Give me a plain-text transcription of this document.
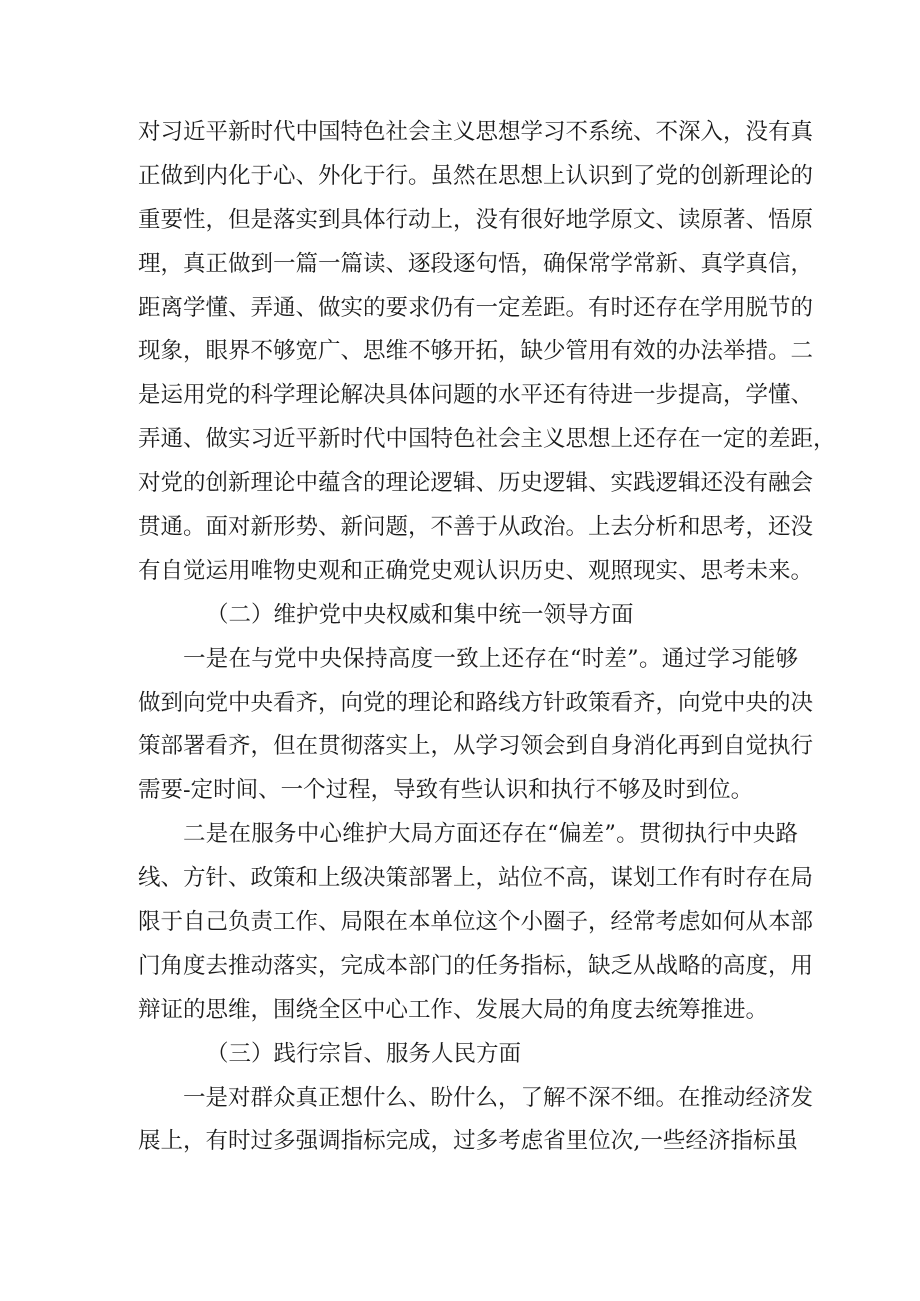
对习近平新时代中国特色社会主义思想学习不系统、不深入，没有真
正做到内化于心、外化于行。虽然在思想上认识到了党的创新理论的
重要性，但是落实到具体行动上，没有很好地学原文、读原著、悟原
理，真正做到一篇一篇读、逐段逐句悟，确保常学常新、真学真信，
距离学懂、弄通、做实的要求仍有一定差距。有时还存在学用脱节的
现象，眼界不够宽广、思维不够开拓，缺少管用有效的办法举措。二
是运用党的科学理论解决具体问题的水平还有待进一步提高，学懂、
弄通、做实习近平新时代中国特色社会主义思想上还存在一定的差距，
对党的创新理论中蕴含的理论逻辑、历史逻辑、实践逻辑还没有融会
贯通。面对新形势、新问题，不善于从政治。上去分析和思考，还没
有自觉运用唯物史观和正确党史观认识历史、观照现实、思考未来。
（二）维护党中央权威和集中统一领导方面
一是在与党中央保持高度一致上还存在“时差”。通过学习能够
做到向党中央看齐，向党的理论和路线方针政策看齐，向党中央的决
策部署看齐，但在贯彻落实上，从学习领会到自身消化再到自觉执行
需要-定时间、一个过程，导致有些认识和执行不够及时到位。
二是在服务中心维护大局方面还存在“偏差”。贯彻执行中央路
线、方针、政策和上级决策部署上，站位不高，谋划工作有时存在局
限于自己负责工作、局限在本单位这个小圈子，经常考虑如何从本部
门角度去推动落实，完成本部门的任务指标，缺乏从战略的高度，用
辩证的思维，围绕全区中心工作、发展大局的角度去统筹推进。
（三）践行宗旨、服务人民方面
一是对群众真正想什么、盼什么，了解不深不细。在推动经济发
展上，有时过多强调指标完成，过多考虑省里位次,一些经济指标虽
